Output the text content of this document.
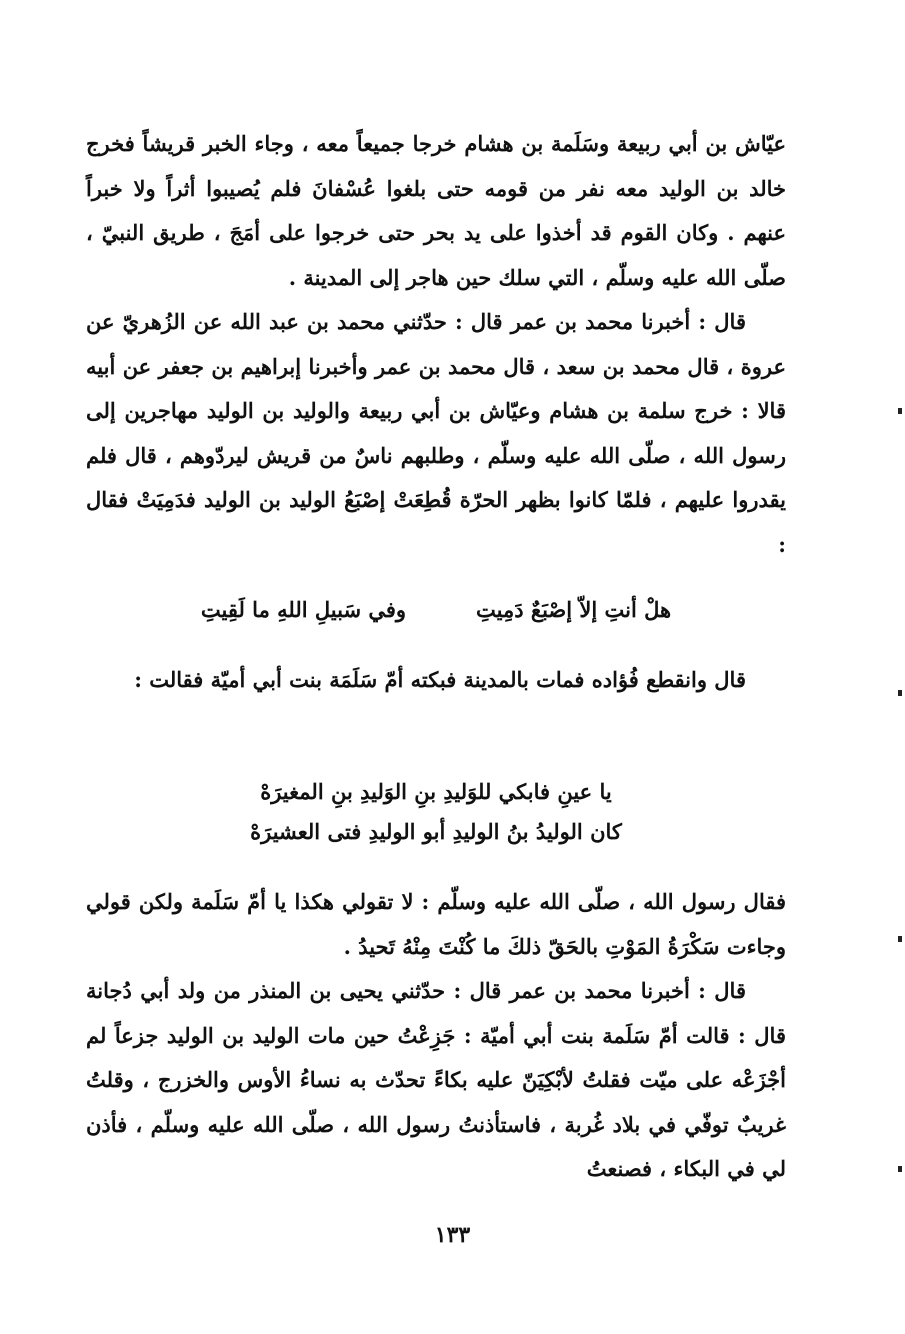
عيّاش بن أبي ربيعة وسَلَمة بن هشام خرجا جميعاً معه ، وجاء الخبر قريشاً فخرج خالد بن الوليد معه نفر من قومه حتى بلغوا عُسْفانَ فلم يُصيبوا أثراً ولا خبراً عنهم . وكان القوم قد أخذوا على يد بحر حتى خرجوا على أمَجَ ، طريق النبيّ ، صلّى الله عليه وسلّم ، التي سلك حين هاجر إلى المدينة .

قال : أخبرنا محمد بن عمر قال : حدّثني محمد بن عبد الله عن الزُهريّ عن عروة ، قال محمد بن سعد ، قال محمد بن عمر وأخبرنا إبراهيم بن جعفر عن أبيه قالا : خرج سلمة بن هشام وعيّاش بن أبي ربيعة والوليد بن الوليد مهاجرين إلى رسول الله ، صلّى الله عليه وسلّم ، وطلبهم ناسٌ من قريش ليردّوهم ، قال فلم يقدروا عليهم ، فلمّا كانوا بظهر الحرّة قُطِعَتْ إصْبَعُ الوليد بن الوليد فدَمِيَتْ فقال :

هلْ أنتِ إلاّ إصْبَعٌ دَمِيتِ
وفي سَبيلِ اللهِ ما لَقِيتِ

قال وانقطع فُؤاده فمات بالمدينة فبكته أمّ سَلَمَة بنت أبي أميّة فقالت :

يا عينِ فابكي للوَليدِ بنِ الوَليدِ بنِ المغيرَهْ
كان الوليدُ بنُ الوليدِ أبو الوليدِ فتى العشيرَهْ

فقال رسول الله ، صلّى الله عليه وسلّم : لا تقولي هكذا يا أمّ سَلَمة ولكن قولي وجاءت سَكْرَةُ المَوْتِ بالحَقّ ذلكَ ما كُنْتَ مِنْهُ تَحيدُ .

قال : أخبرنا محمد بن عمر قال : حدّثني يحيى بن المنذر من ولد أبي دُجانة قال : قالت أمّ سَلَمة بنت أبي أميّة : جَزِعْتُ حين مات الوليد بن الوليد جزعاً لم أجْزَعْه على ميّت فقلتُ لأبْكِيَنّ عليه بكاءً تحدّث به نساءُ الأوس والخزرج ، وقلتُ غريبٌ توفّي في بلاد غُربة ، فاستأذنتُ رسول الله ، صلّى الله عليه وسلّم ، فأذن لي في البكاء ، فصنعتُ

١٣٣
